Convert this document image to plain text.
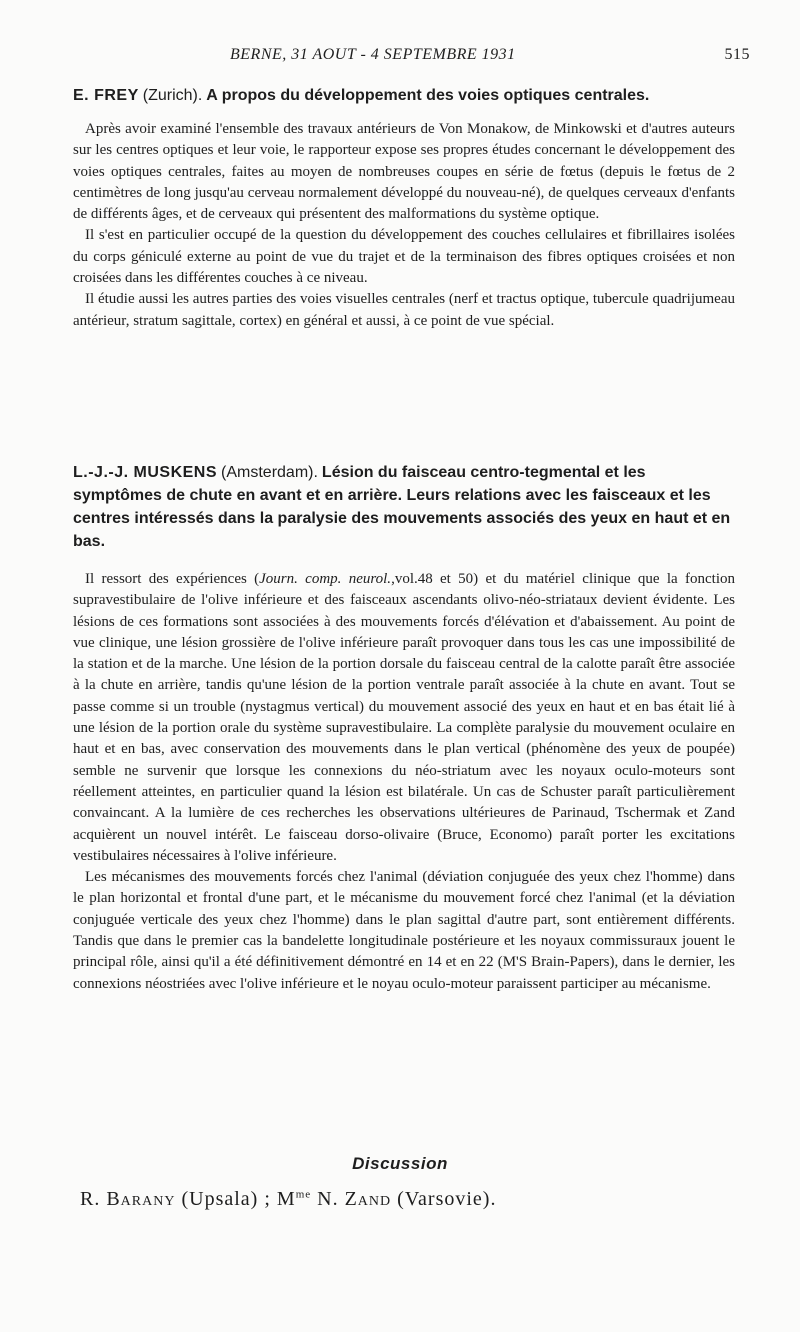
BERNE, 31 AOUT - 4 SEPTEMBRE 1931	515
E. FREY (Zurich). A propos du développement des voies optiques centrales.

Après avoir examiné l'ensemble des travaux antérieurs de Von Monakow, de Minkowski et d'autres auteurs sur les centres optiques et leur voie, le rapporteur expose ses propres études concernant le développement des voies optiques centrales, faites au moyen de nombreuses coupes en série de fœtus (depuis le fœtus de 2 centimètres de long jusqu'au cerveau normalement développé du nouveau-né), de quelques cerveaux d'enfants de différents âges, et de cerveaux qui présentent des malformations du système optique.

Il s'est en particulier occupé de la question du développement des couches cellulaires et fibrillaires isolées du corps géniculé externe au point de vue du trajet et de la terminaison des fibres optiques croisées et non croisées dans les différentes couches à ce niveau.

Il étudie aussi les autres parties des voies visuelles centrales (nerf et tractus optique, tubercule quadrijumeau antérieur, stratum sagittale, cortex) en général et aussi, à ce point de vue spécial.

L.-J.-J. MUSKENS (Amsterdam). Lésion du faisceau centro-tegmental et les symptômes de chute en avant et en arrière. Leurs relations avec les faisceaux et les centres intéressés dans la paralysie des mouvements associés des yeux en haut et en bas.

Il ressort des expériences (Journ. comp. neurol.,vol.48 et 50) et du matériel clinique que la fonction supravestibulaire de l'olive inférieure et des faisceaux ascendants olivo-néo-striataux devient évidente. Les lésions de ces formations sont associées à des mouvements forcés d'élévation et d'abaissement. Au point de vue clinique, une lésion grossière de l'olive inférieure paraît provoquer dans tous les cas une impossibilité de la station et de la marche. Une lésion de la portion dorsale du faisceau central de la calotte paraît être associée à la chute en arrière, tandis qu'une lésion de la portion ventrale paraît associée à la chute en avant. Tout se passe comme si un trouble (nystagmus vertical) du mouvement associé des yeux en haut et en bas était lié à une lésion de la portion orale du système supravestibulaire. La complète paralysie du mouvement oculaire en haut et en bas, avec conservation des mouvements dans le plan vertical (phénomène des yeux de poupée) semble ne survenir que lorsque les connexions du néo-striatum avec les noyaux oculo-moteurs sont réellement atteintes, en particulier quand la lésion est bilatérale. Un cas de Schuster paraît particulièrement convaincant. A la lumière de ces recherches les observations ultérieures de Parinaud, Tschermak et Zand acquièrent un nouvel intérêt. Le faisceau dorso-olivaire (Bruce, Economo) paraît porter les excitations vestibulaires nécessaires à l'olive inférieure.

Les mécanismes des mouvements forcés chez l'animal (déviation conjuguée des yeux chez l'homme) dans le plan horizontal et frontal d'une part, et le mécanisme du mouvement forcé chez l'animal (et la déviation conjuguée verticale des yeux chez l'homme) dans le plan sagittal d'autre part, sont entièrement différents. Tandis que dans le premier cas la bandelette longitudinale postérieure et les noyaux commissuraux jouent le principal rôle, ainsi qu'il a été définitivement démontré en 14 et en 22 (M'S Brain-Papers), dans le dernier, les connexions néostriées avec l'olive inférieure et le noyau oculo-moteur paraissent participer au mécanisme.

Discussion
R. Barany (Upsala) ; $M^{me}$ N. Zand (Varsovie).
